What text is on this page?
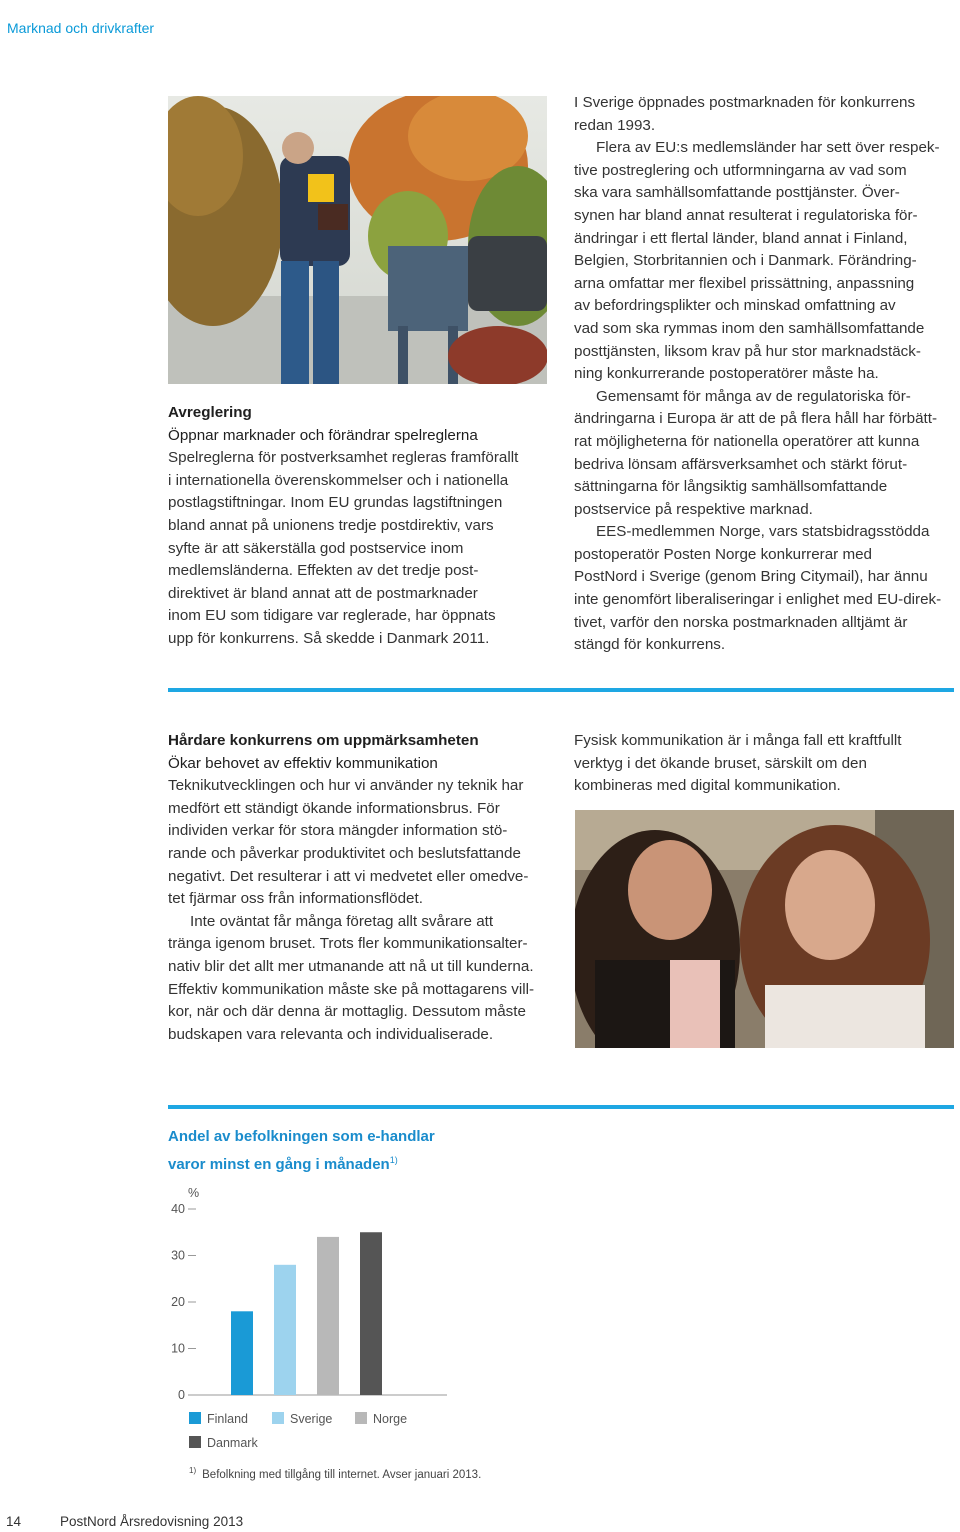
Marknad och drivkrafter

Avreglering

Öppnar marknader och förändrar spelreglerna

Spelreglerna för postverksamhet regleras framförallt
i internationella överenskommelser och i nationella
postlagstiftningar. Inom EU grundas lagstiftningen
bland annat på unionens tredje postdirektiv, vars
syfte är att säkerställa god postservice inom
medlemsländerna. Effekten av det tredje post-
direktivet är bland annat att de postmarknader
inom EU som tidigare var reglerade, har öppnats
upp för konkurrens. Så skedde i Danmark 2011.

I Sverige öppnades postmarknaden för konkurrens
redan 1993.

Flera av EU:s medlemsländer har sett över respek-
tive postreglering och utformningarna av vad som
ska vara samhällsomfattande posttjänster. Över-
synen har bland annat resulterat i regulatoriska för-
ändringar i ett flertal länder, bland annat i Finland,
Belgien, Storbritannien och i Danmark. Förändring-
arna omfattar mer flexibel prissättning, anpassning
av befordringsplikter och minskad omfattning av
vad som ska rymmas inom den samhällsomfattande
posttjänsten, liksom krav på hur stor marknadstäck-
ning konkurrerande postoperatörer måste ha.

Gemensamt för många av de regulatoriska för-
ändringarna i Europa är att de på flera håll har förbätt-
rat möjligheterna för nationella operatörer att kunna
bedriva lönsam affärsverksamhet och stärkt förut-
sättningarna för långsiktig samhällsomfattande
postservice på respektive marknad.

EES-medlemmen Norge, vars statsbidragsstödda
postoperatör Posten Norge konkurrerar med
PostNord i Sverige (genom Bring Citymail), har ännu
inte genomfört liberaliseringar i enlighet med EU-direk-
tivet, varför den norska postmarknaden alltjämt är
stängd för konkurrens.

Hårdare konkurrens om uppmärksamheten

Ökar behovet av effektiv kommunikation

Teknikutvecklingen och hur vi använder ny teknik har
medfört ett ständigt ökande informationsbrus. För
individen verkar för stora mängder information stö-
rande och påverkar produktivitet och beslutsfattande
negativt. Det resulterar i att vi medvetet eller omedve-
tet fjärmar oss från informationsflödet.

Inte oväntat får många företag allt svårare att
tränga igenom bruset. Trots fler kommunikationsalter-
nativ blir det allt mer utmanande att nå ut till kunderna.
Effektiv kommunikation måste ske på mottagarens vill-
kor, när och där denna är mottaglig. Dessutom måste
budskapen vara relevanta och individualiserade.

Fysisk kommunikation är i många fall ett kraftfullt
verktyg i det ökande bruset, särskilt om den
kombineras med digital kommunikation.
Andel av befolkningen som e-handlar
varor minst en gång i månaden$^{1)}$
%
0
10
20
30
40
Finland	Sverige	Norge
Danmark
$^{1)}$ Befolkning med tillgång till internet. Avser januari 2013.
14	PostNord Årsredovisning 2013
